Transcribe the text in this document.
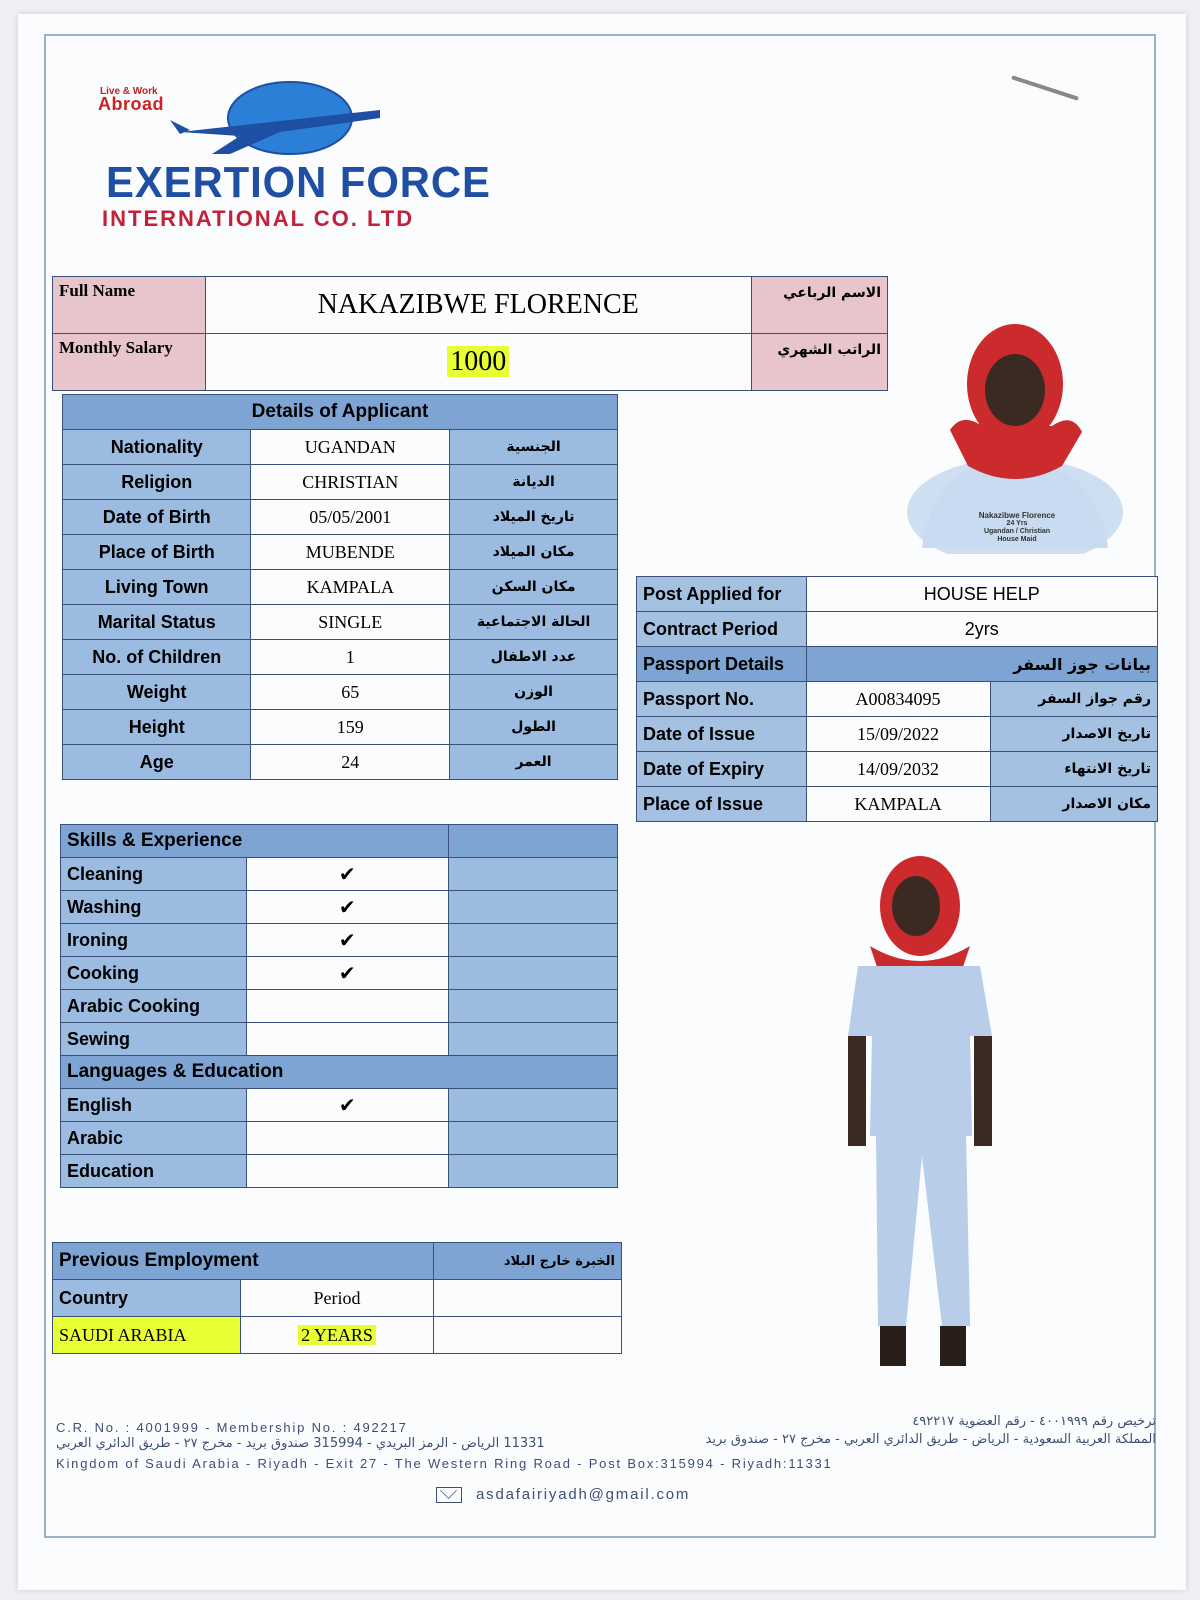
Live & Work
Abroad
EXERTION FORCE
INTERNATIONAL CO. LTD
Full Name	NAKAZIBWE FLORENCE	الاسم الرباعي
Monthly Salary	1000	الراتب الشهري
Details of Applicant		
Nationality	UGANDAN	الجنسية
Religion	CHRISTIAN	الديانة
Date of Birth	05/05/2001	تاريخ الميلاد
Place of Birth	MUBENDE	مكان الميلاد
Living Town	KAMPALA	مكان السكن
Marital Status	SINGLE	الحالة الاجتماعية
No. of Children	1	عدد الاطفال
Weight	65	الوزن
Height	159	الطول
Age	24	العمر
Nakazibwe Florence
24 Yrs
Ugandan / Christian
House Maid
Post Applied for	HOUSE HELP	
Contract Period	2yrs	
Passport Details	بيانات جوز السفر	
Passport No.	A00834095	رقم جواز السفر
Date of Issue	15/09/2022	تاريخ الاصدار
Date of Expiry	14/09/2032	تاريخ الانتهاء
Place of Issue	KAMPALA	مكان الاصدار
Skills & Experience		
Cleaning	✔	
Washing	✔	
Ironing	✔	
Cooking	✔	
Arabic Cooking		
Sewing		
Languages & Education		
English	✔	
Arabic		
Education		
Previous Employment		الخبرة خارج البلاد
Country	Period	
SAUDI ARABIA	2 YEARS	
C.R. No. : 4001999 - Membership No. : 492217	ترخيص رقم ٤٠٠١٩٩٩ - رقم العضوية ٤٩٢٢١٧
11331 الرياض - الرمز البريدي - 315994 صندوق بريد - مخرج ٢٧ - طريق الدائري العربي	المملكة العربية السعودية - الرياض - طريق الدائري العربي - مخرج ٢٧ - صندوق بريد
Kingdom of Saudi Arabia - Riyadh - Exit 27 - The Western Ring Road - Post Box:315994 - Riyadh:11331
asdafairiyadh@gmail.com
